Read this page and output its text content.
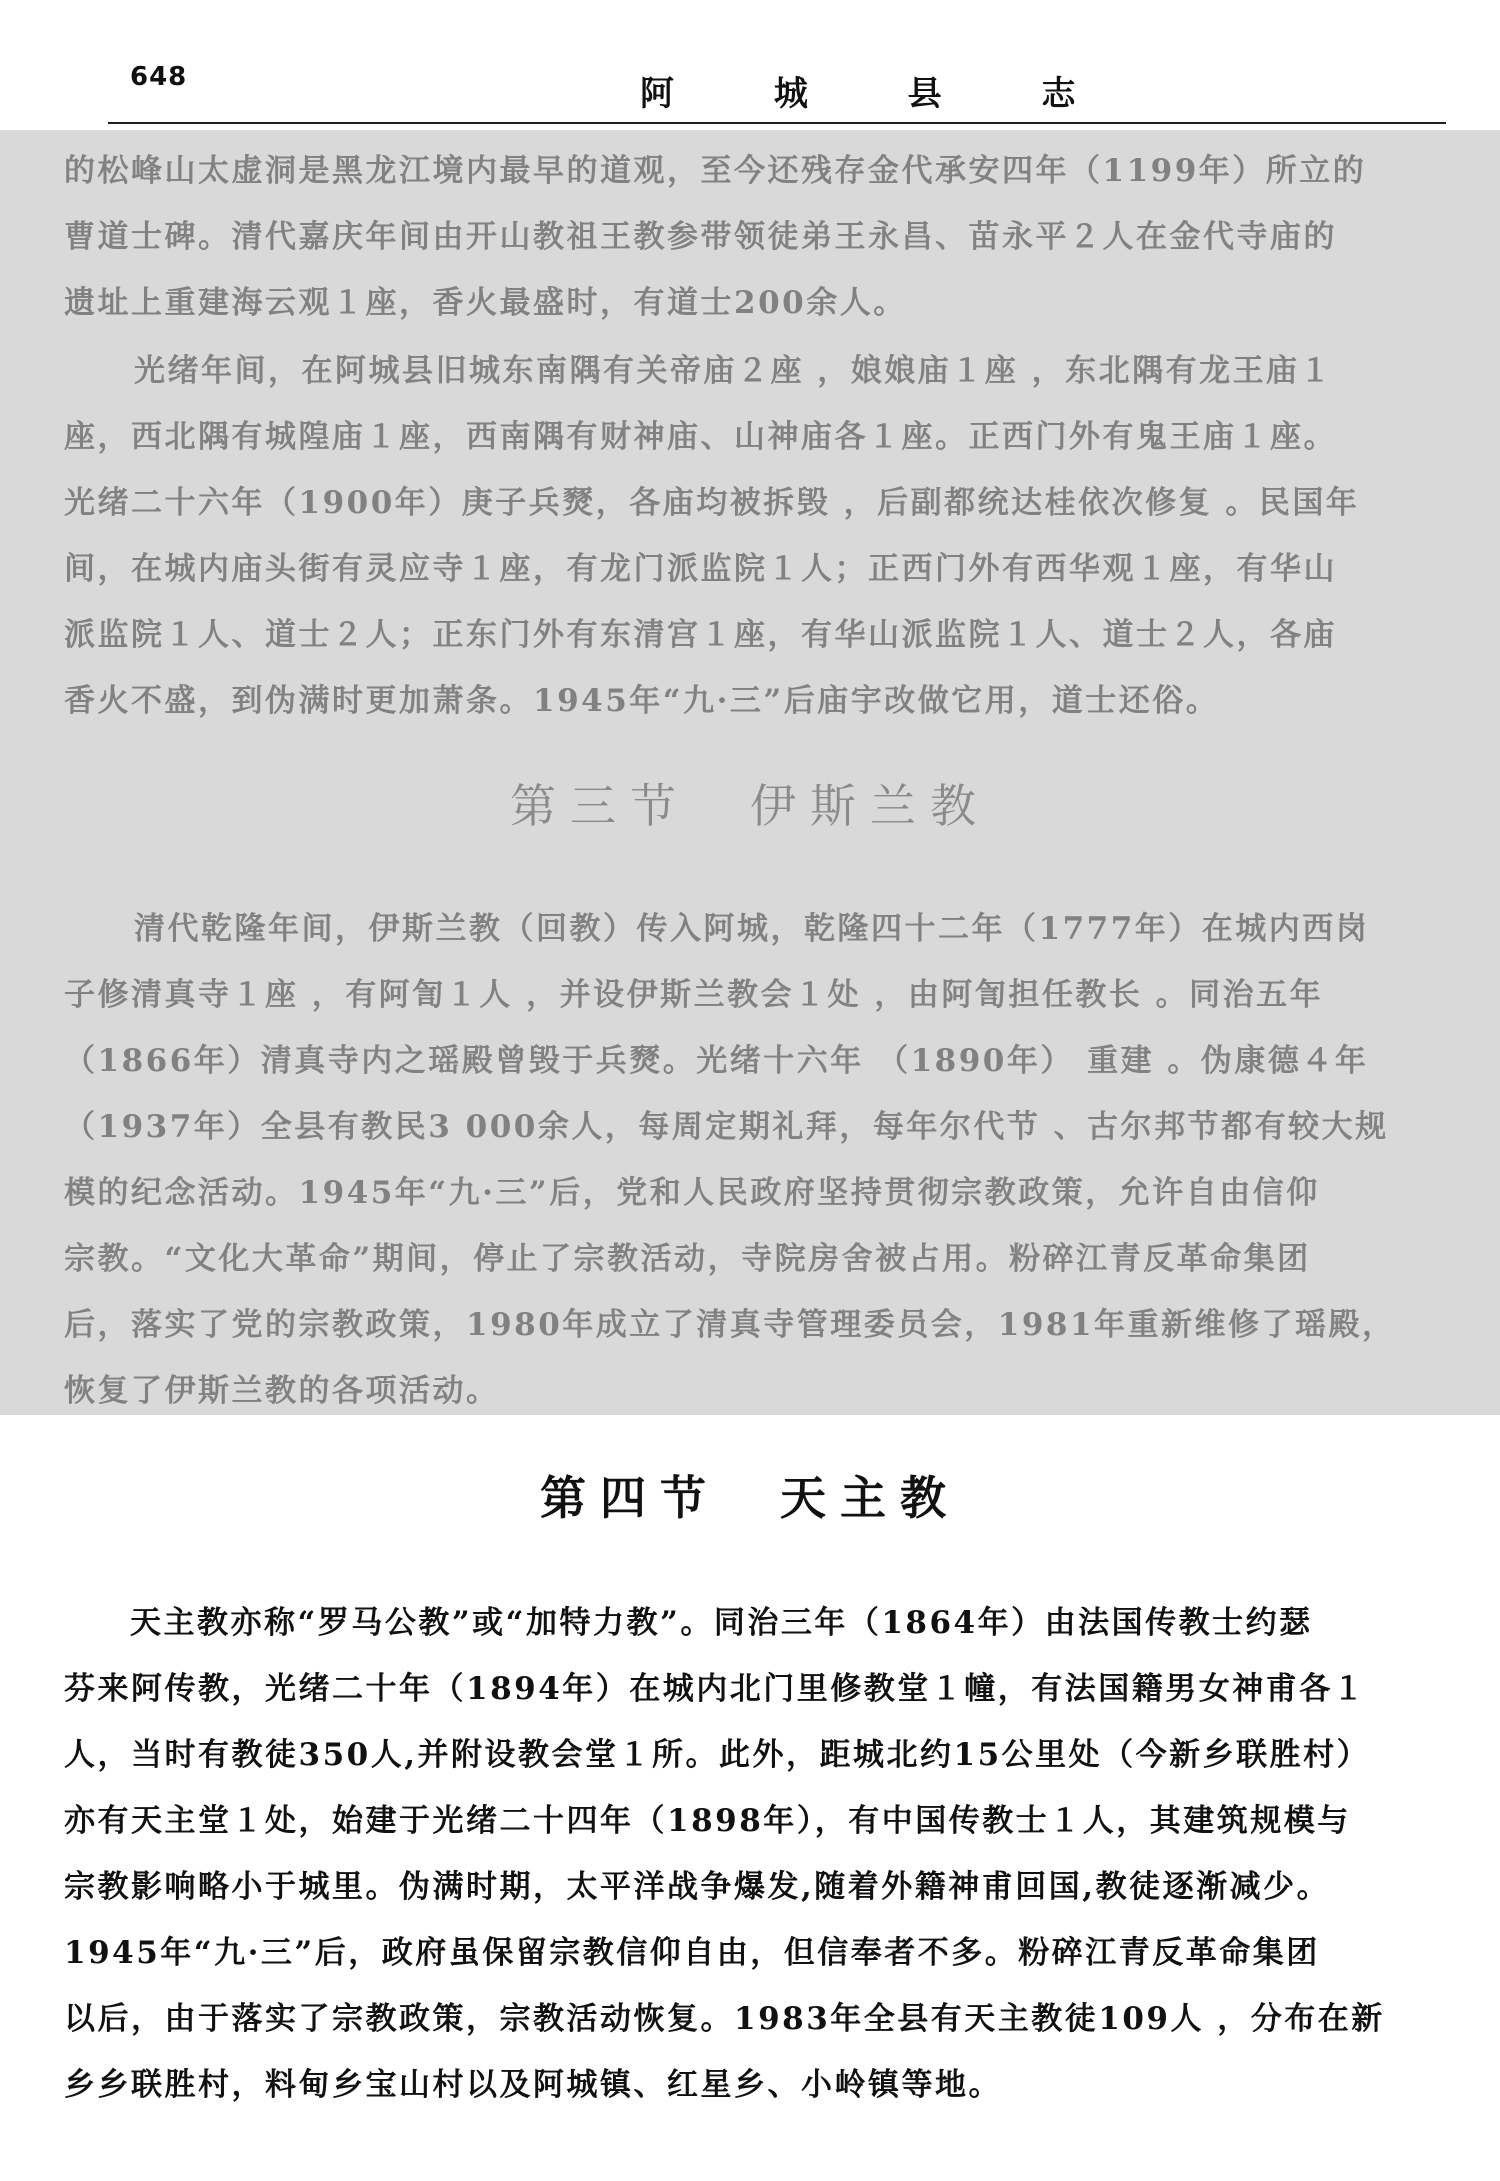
648	阿 城 县 志
的松峰山太虚洞是黑龙江境内最早的道观，至今还残存金代承安四年（1199年）所立的
曹道士碑。清代嘉庆年间由开山教祖王教参带领徒弟王永昌、苗永平２人在金代寺庙的
遗址上重建海云观１座，香火最盛时，有道士200余人。
光绪年间，在阿城县旧城东南隅有关帝庙２座 ，娘娘庙１座 ，东北隅有龙王庙１
座，西北隅有城隍庙１座，西南隅有财神庙、山神庙各１座。正西门外有鬼王庙１座。
光绪二十六年（1900年）庚子兵燹，各庙均被拆毁 ，后副都统达桂依次修复 。民国年
间，在城内庙头街有灵应寺１座，有龙门派监院１人；正西门外有西华观１座，有华山
派监院１人、道士２人；正东门外有东清宫１座，有华山派监院１人、道士２人，各庙
香火不盛，到伪满时更加萧条。1945年“九·三”后庙宇改做它用，道士还俗。
第三节　伊斯兰教
清代乾隆年间，伊斯兰教（回教）传入阿城，乾隆四十二年（1777年）在城内西岗
子修清真寺１座 ，有阿訇１人 ，并设伊斯兰教会１处 ，由阿訇担任教长 。同治五年
（1866年）清真寺内之瑶殿曾毁于兵燹。光绪十六年 （1890年） 重建 。伪康德４年
（1937年）全县有教民3 000余人，每周定期礼拜，每年尔代节 、古尔邦节都有较大规
模的纪念活动。1945年“九·三”后，党和人民政府坚持贯彻宗教政策，允许自由信仰
宗教。“文化大革命”期间，停止了宗教活动，寺院房舍被占用。粉碎江青反革命集团
后，落实了党的宗教政策，1980年成立了清真寺管理委员会，1981年重新维修了瑶殿，
恢复了伊斯兰教的各项活动。
第四节　天主教
天主教亦称“罗马公教”或“加特力教”。同治三年（1864年）由法国传教士约瑟
芬来阿传教，光绪二十年（1894年）在城内北门里修教堂１幢，有法国籍男女神甫各１
人，当时有教徒350人,并附设教会堂１所。此外，距城北约15公里处（今新乡联胜村）
亦有天主堂１处，始建于光绪二十四年（1898年），有中国传教士１人，其建筑规模与
宗教影响略小于城里。伪满时期，太平洋战争爆发,随着外籍神甫回国,教徒逐渐减少。
1945年“九·三”后，政府虽保留宗教信仰自由，但信奉者不多。粉碎江青反革命集团
以后，由于落实了宗教政策，宗教活动恢复。1983年全县有天主教徒109人 ，分布在新
乡乡联胜村，料甸乡宝山村以及阿城镇、红星乡、小岭镇等地。
